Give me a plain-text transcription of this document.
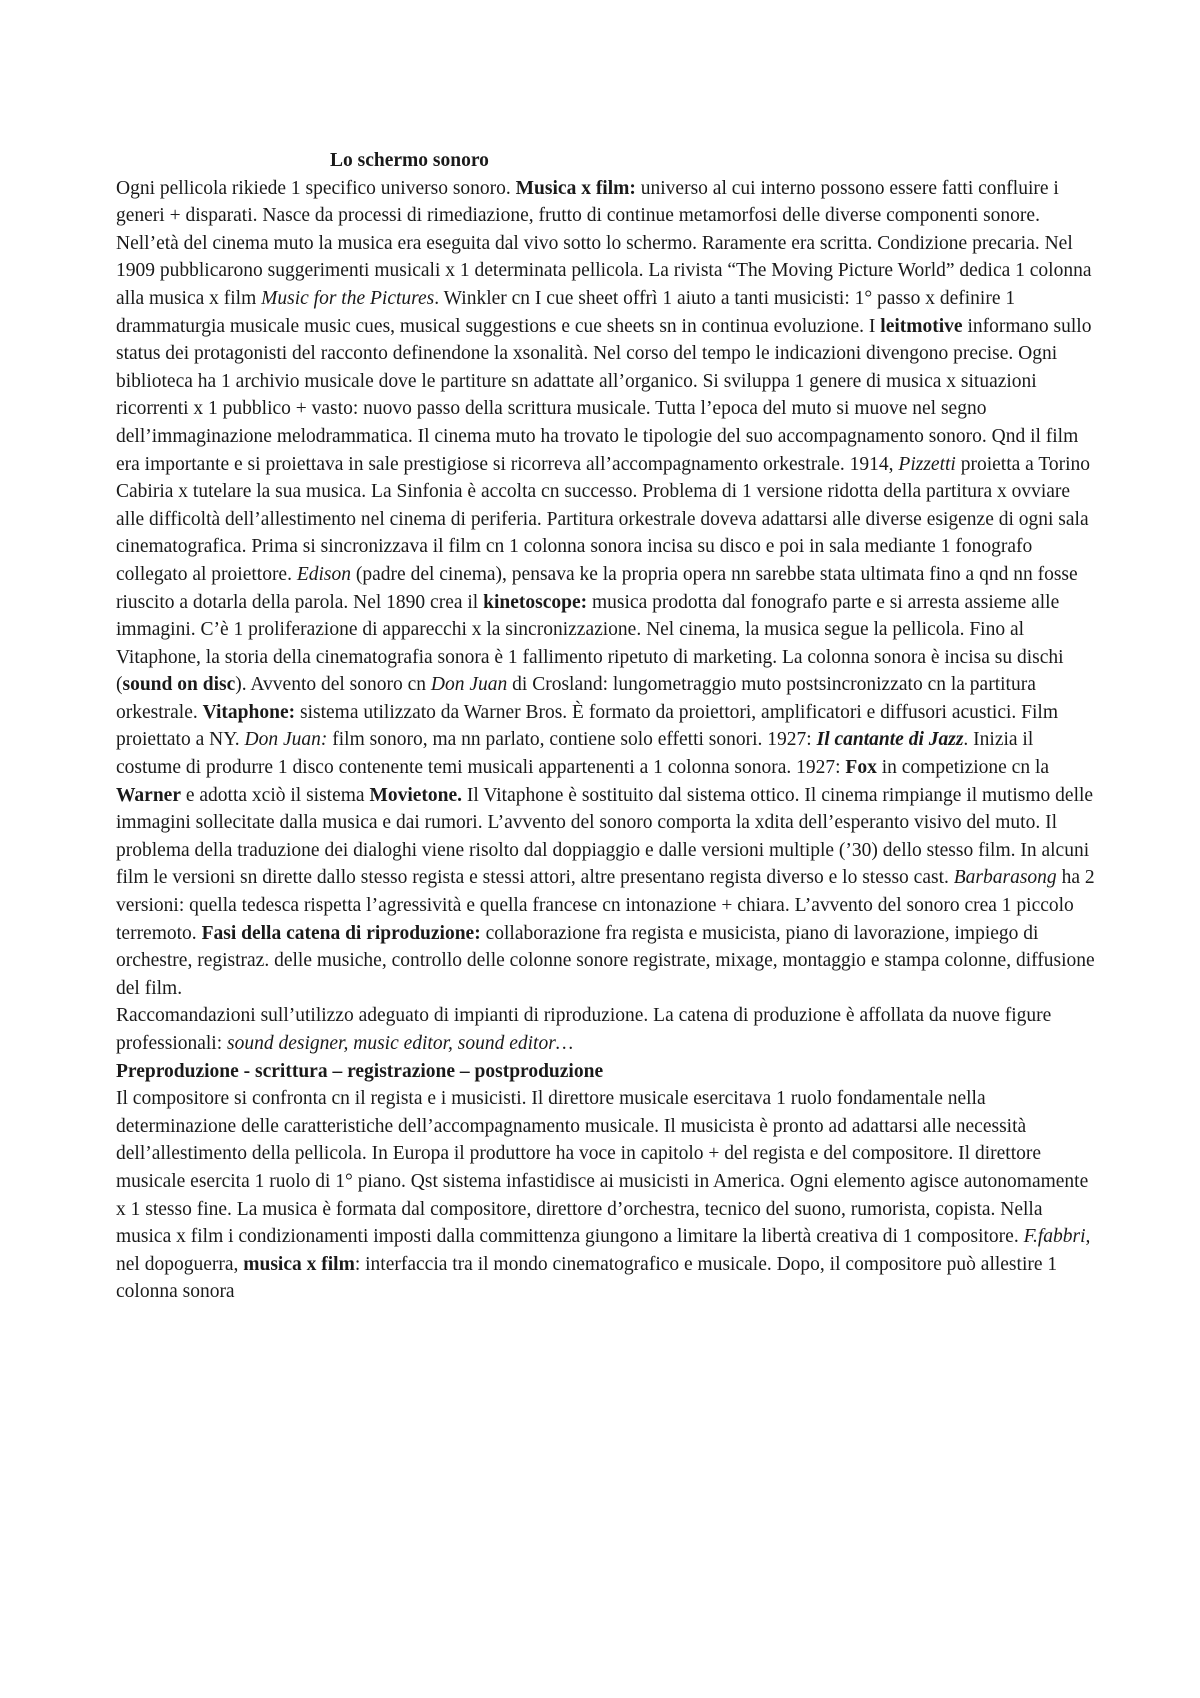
Lo schermo sonoro

Ogni pellicola rikiede 1 specifico universo sonoro. Musica x film: universo al cui interno possono essere fatti confluire i generi + disparati. Nasce da processi di rimediazione, frutto di continue metamorfosi delle diverse componenti sonore.

Nell’età del cinema muto la musica era eseguita dal vivo sotto lo schermo. Raramente era scritta. Condizione precaria. Nel 1909 pubblicarono suggerimenti musicali x 1 determinata pellicola. La rivista “The Moving Picture World” dedica 1 colonna alla musica x film Music for the Pictures. Winkler cn I cue sheet offrì 1 aiuto a tanti musicisti: 1° passo x definire 1 drammaturgia musicale music cues, musical suggestions e cue sheets sn in continua evoluzione. I leitmotive informano sullo status dei protagonisti del racconto definendone la xsonalità. Nel corso del tempo le indicazioni divengono precise. Ogni biblioteca ha 1 archivio musicale dove le partiture sn adattate all’organico. Si sviluppa 1 genere di musica x situazioni ricorrenti x 1 pubblico + vasto: nuovo passo della scrittura musicale. Tutta l’epoca del muto si muove nel segno dell’immaginazione melodrammatica. Il cinema muto ha trovato le tipologie del suo accompagnamento sonoro. Qnd il film era importante e si proiettava in sale prestigiose si ricorreva all’accompagnamento orkestrale. 1914, Pizzetti proietta a Torino Cabiria x tutelare la sua musica. La Sinfonia è accolta cn successo. Problema di 1 versione ridotta della partitura x ovviare alle difficoltà dell’allestimento nel cinema di periferia. Partitura orkestrale doveva adattarsi alle diverse esigenze di ogni sala cinematografica. Prima si sincronizzava il film cn 1 colonna sonora incisa su disco e poi in sala mediante 1 fonografo collegato al proiettore. Edison (padre del cinema), pensava ke la propria opera nn sarebbe stata ultimata fino a qnd nn fosse riuscito a dotarla della parola. Nel 1890 crea il kinetoscope: musica prodotta dal fonografo parte e si arresta assieme alle immagini. C’è 1 proliferazione di apparecchi x la sincronizzazione. Nel cinema, la musica segue la pellicola. Fino al Vitaphone, la storia della cinematografia sonora è 1 fallimento ripetuto di marketing. La colonna sonora è incisa su dischi (sound on disc). Avvento del sonoro cn Don Juan di Crosland: lungometraggio muto postsincronizzato cn la partitura orkestrale. Vitaphone: sistema utilizzato da Warner Bros. È formato da proiettori, amplificatori e diffusori acustici. Film proiettato a NY. Don Juan: film sonoro, ma nn parlato, contiene solo effetti sonori. 1927: Il cantante di Jazz. Inizia il costume di produrre 1 disco contenente temi musicali appartenenti a 1 colonna sonora. 1927: Fox in competizione cn la Warner e adotta xciò il sistema Movietone. Il Vitaphone è sostituito dal sistema ottico. Il cinema rimpiange il mutismo delle immagini sollecitate dalla musica e dai rumori. L’avvento del sonoro comporta la xdita dell’esperanto visivo del muto. Il problema della traduzione dei dialoghi viene risolto dal doppiaggio e dalle versioni multiple (’30) dello stesso film. In alcuni film le versioni sn dirette dallo stesso regista e stessi attori, altre presentano regista diverso e lo stesso cast. Barbarasong ha 2 versioni: quella tedesca rispetta l’agressività e quella francese cn intonazione + chiara. L’avvento del sonoro crea 1 piccolo terremoto. Fasi della catena di riproduzione: collaborazione fra regista e musicista, piano di lavorazione, impiego di orchestre, registraz. delle musiche, controllo delle colonne sonore registrate, mixage, montaggio e stampa colonne, diffusione del film.

Raccomandazioni sull’utilizzo adeguato di impianti di riproduzione. La catena di produzione è affollata da nuove figure professionali: sound designer, music editor, sound editor…

Preproduzione - scrittura – registrazione – postproduzione

Il compositore si confronta cn il regista e i musicisti. Il direttore musicale esercitava 1 ruolo fondamentale nella determinazione delle caratteristiche dell’accompagnamento musicale. Il musicista è pronto ad adattarsi alle necessità dell’allestimento della pellicola. In Europa il produttore ha voce in capitolo + del regista e del compositore. Il direttore musicale esercita 1 ruolo di 1° piano. Qst sistema infastidisce ai musicisti in America. Ogni elemento agisce autonomamente x 1 stesso fine. La musica è formata dal compositore, direttore d’orchestra, tecnico del suono, rumorista, copista. Nella musica x film i condizionamenti imposti dalla committenza giungono a limitare la libertà creativa di 1 compositore. F.fabbri, nel dopoguerra, musica x film: interfaccia tra il mondo cinematografico e musicale. Dopo, il compositore può allestire 1 colonna sonora
